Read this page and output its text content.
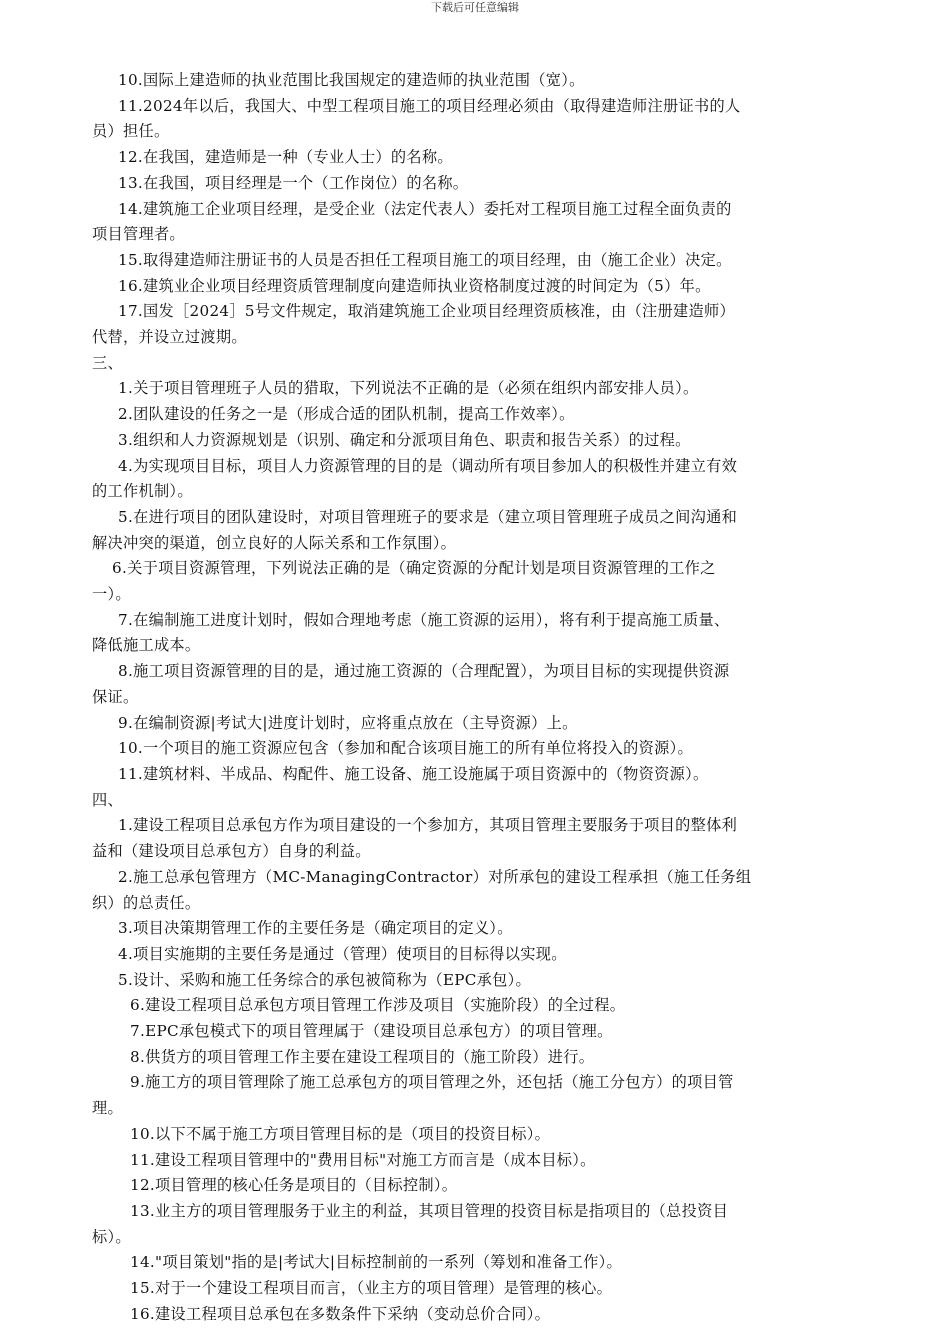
下载后可任意编辑
10.国际上建造师的执业范围比我国规定的建造师的执业范围（宽）。
11.2024年以后，我国大、中型工程项目施工的项目经理必须由（取得建造师注册证书的人
员）担任。
12.在我国，建造师是一种（专业人士）的名称。
13.在我国，项目经理是一个（工作岗位）的名称。
14.建筑施工企业项目经理，是受企业（法定代表人）委托对工程项目施工过程全面负责的
项目管理者。
15.取得建造师注册证书的人员是否担任工程项目施工的项目经理，由（施工企业）决定。
16.建筑业企业项目经理资质管理制度向建造师执业资格制度过渡的时间定为（5）年。
17.国发［2024］5号文件规定，取消建筑施工企业项目经理资质核准，由（注册建造师）
代替，并设立过渡期。
三、
1.关于项目管理班子人员的猎取，下列说法不正确的是（必须在组织内部安排人员）。
2.团队建设的任务之一是（形成合适的团队机制，提高工作效率）。
3.组织和人力资源规划是（识别、确定和分派项目角色、职责和报告关系）的过程。
4.为实现项目目标，项目人力资源管理的目的是（调动所有项目参加人的积极性并建立有效
的工作机制）。
5.在进行项目的团队建设时，对项目管理班子的要求是（建立项目管理班子成员之间沟通和
解决冲突的渠道，创立良好的人际关系和工作氛围）。
6.关于项目资源管理，下列说法正确的是（确定资源的分配计划是项目资源管理的工作之
一）。
7.在编制施工进度计划时，假如合理地考虑（施工资源的运用），将有利于提高施工质量、
降低施工成本。
8.施工项目资源管理的目的是，通过施工资源的（合理配置），为项目目标的实现提供资源
保证。
9.在编制资源|考试大|进度计划时，应将重点放在（主导资源）上。
10.一个项目的施工资源应包含（参加和配合该项目施工的所有单位将投入的资源）。
11.建筑材料、半成品、构配件、施工设备、施工设施属于项目资源中的（物资资源）。
四、
1.建设工程项目总承包方作为项目建设的一个参加方，其项目管理主要服务于项目的整体利
益和（建设项目总承包方）自身的利益。
2.施工总承包管理方（MC-ManagingContractor）对所承包的建设工程承担（施工任务组
织）的总责任。
3.项目决策期管理工作的主要任务是（确定项目的定义）。
4.项目实施期的主要任务是通过（管理）使项目的目标得以实现。
5.设计、采购和施工任务综合的承包被简称为（EPC承包）。
6.建设工程项目总承包方项目管理工作涉及项目（实施阶段）的全过程。
7.EPC承包模式下的项目管理属于（建设项目总承包方）的项目管理。
8.供货方的项目管理工作主要在建设工程项目的（施工阶段）进行。
9.施工方的项目管理除了施工总承包方的项目管理之外，还包括（施工分包方）的项目管
理。
10.以下不属于施工方项目管理目标的是（项目的投资目标）。
11.建设工程项目管理中的"费用目标"对施工方而言是（成本目标）。
12.项目管理的核心任务是项目的（目标控制）。
13.业主方的项目管理服务于业主的利益，其项目管理的投资目标是指项目的（总投资目
标）。
14."项目策划"指的是|考试大|目标控制前的一系列（筹划和准备工作）。
15.对于一个建设工程项目而言，（业主方的项目管理）是管理的核心。
16.建设工程项目总承包在多数条件下采纳（变动总价合同）。
